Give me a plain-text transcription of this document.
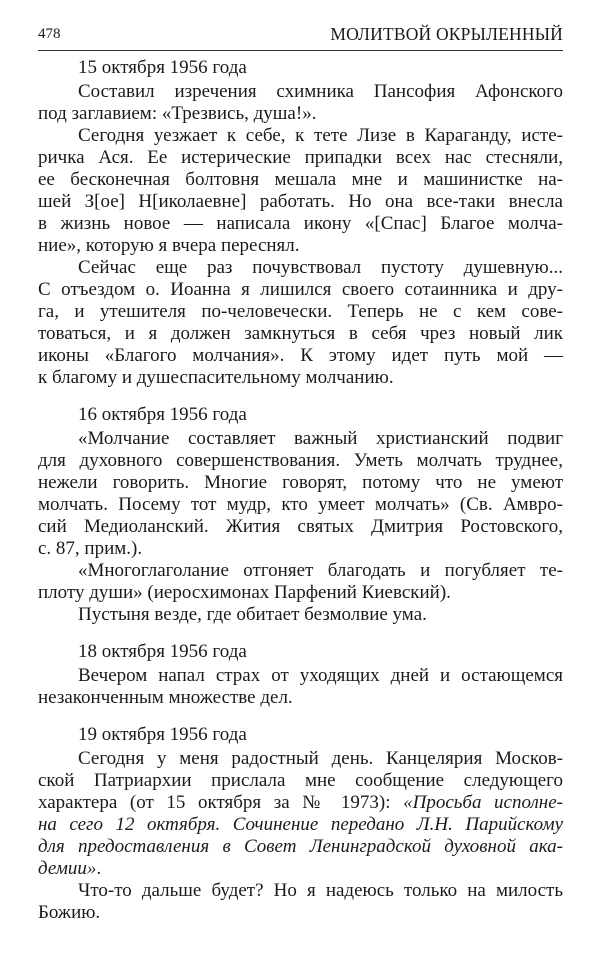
478	МОЛИТВОЙ ОКРЫЛЕННЫЙ
15 октября 1956 года
Составил изречения схимника Пансофия Афонского
под заглавием: «Трезвись, душа!».
Сегодня уезжает к себе, к тете Лизе в Караганду, исте-
ричка Ася. Ее истерические припадки всех нас стесняли,
ее бесконечная болтовня мешала мне и машинистке на-
шей З[ое] Н[иколаевне] работать. Но она все-таки внесла
в жизнь новое — написала икону «[Спас] Благое молча-
ние», которую я вчера переснял.
Сейчас еще раз почувствовал пустоту душевную...
С отъездом о. Иоанна я лишился своего сотаинника и дру-
га, и утешителя по-человечески. Теперь не с кем сове-
товаться, и я должен замкнуться в себя чрез новый лик
иконы «Благого молчания». К этому идет путь мой —
к благому и душеспасительному молчанию.
16 октября 1956 года
«Молчание составляет важный христианский подвиг
для духовного совершенствования. Уметь молчать труднее,
нежели говорить. Многие говорят, потому что не умеют
молчать. Посему тот мудр, кто умеет молчать» (Св. Амвро-
сий Медиоланский. Жития святых Дмитрия Ростовского,
с. 87, прим.).
«Многоглаголание отгоняет благодать и погубляет те-
плоту души» (иеросхимонах Парфений Киевский).
Пустыня везде, где обитает безмолвие ума.
18 октября 1956 года
Вечером напал страх от уходящих дней и остающемся
незаконченным множестве дел.
19 октября 1956 года
Сегодня у меня радостный день. Канцелярия Москов-
ской Патриархии прислала мне сообщение следующего
характера (от 15 октября за № 1973): «Просьба исполне-
на сего 12 октября. Сочинение передано Л.Н. Парийскому
для предоставления в Совет Ленинградской духовной ака-
демии».
Что-то дальше будет? Но я надеюсь только на милость
Божию.
